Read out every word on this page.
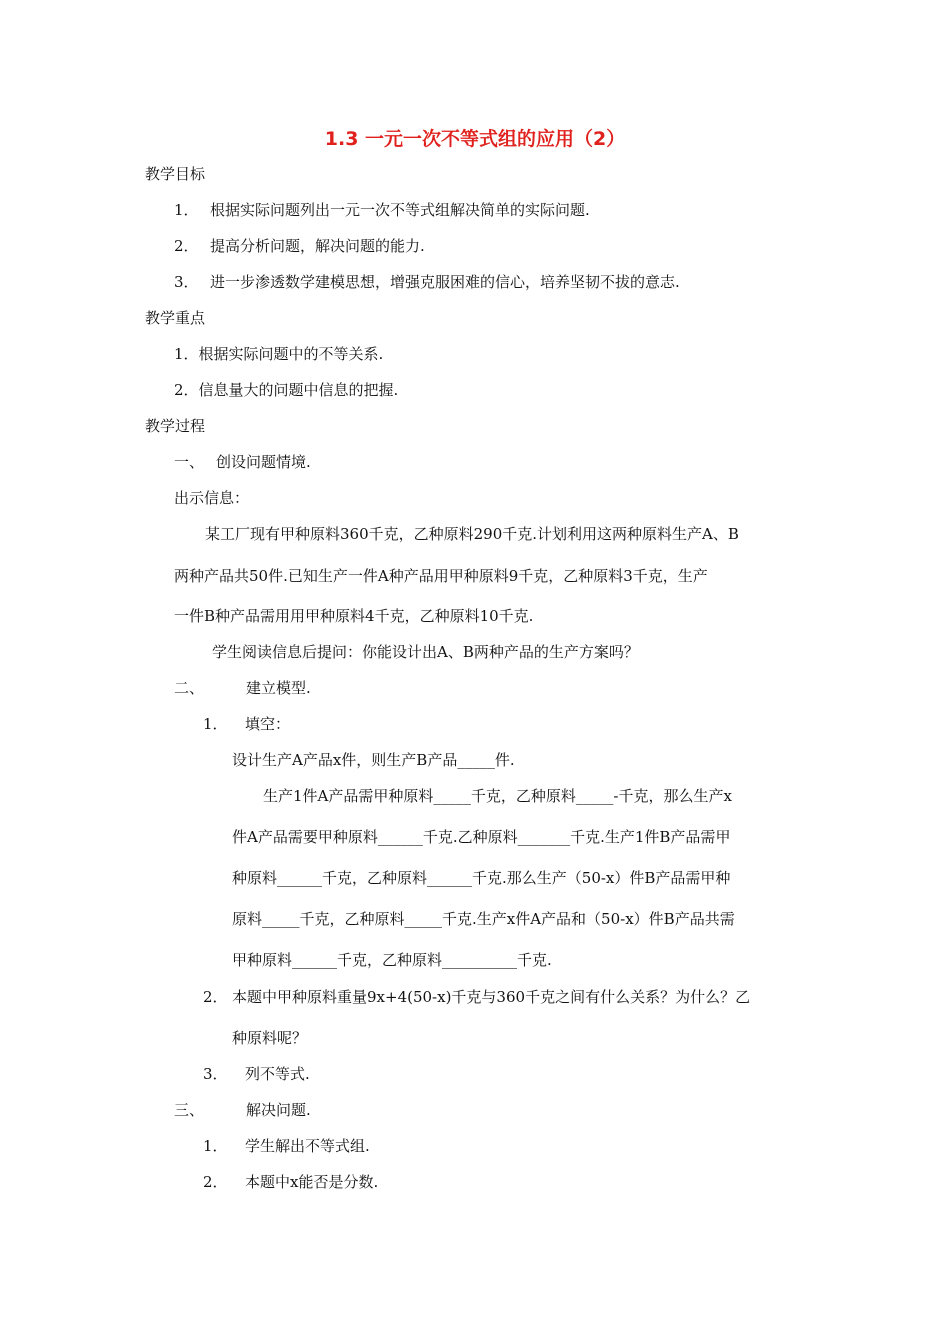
1.3 一元一次不等式组的应用（2）
教学目标
1． 根据实际问题列出一元一次不等式组解决简单的实际问题.
2． 提高分析问题，解决问题的能力.
3． 进一步渗透数学建模思想，增强克服困难的信心，培养坚韧不拔的意志.
教学重点
1．根据实际问题中的不等关系.
2．信息量大的问题中信息的把握.
教学过程
一、 创设问题情境.
出示信息：
某工厂现有甲种原料360千克，乙种原料290千克.计划利用这两种原料生产A、B
两种产品共50件.已知生产一件A种产品用甲种原料9千克，乙种原料3千克，生产
一件B种产品需用用甲种原料4千克，乙种原料10千克.
学生阅读信息后提问：你能设计出A、B两种产品的生产方案吗？
二、	建立模型.
1． 填空：
设计生产A产品x件，则生产B产品_____件.
生产1件A产品需甲种原料_____千克，乙种原料_____-千克，那么生产x
件A产品需要甲种原料______千克.乙种原料_______千克.生产1件B产品需甲
种原料______千克，乙种原料______千克.那么生产（50-x）件B产品需甲种
原料_____千克，乙种原料_____千克.生产x件A产品和（50-x）件B产品共需
甲种原料______千克，乙种原料__________千克.
2． 本题中甲种原料重量9x+4(50-x)千克与360千克之间有什么关系？为什么？乙
种原料呢？
3． 列不等式.
三、	解决问题.
1． 学生解出不等式组.
2． 本题中x能否是分数.
